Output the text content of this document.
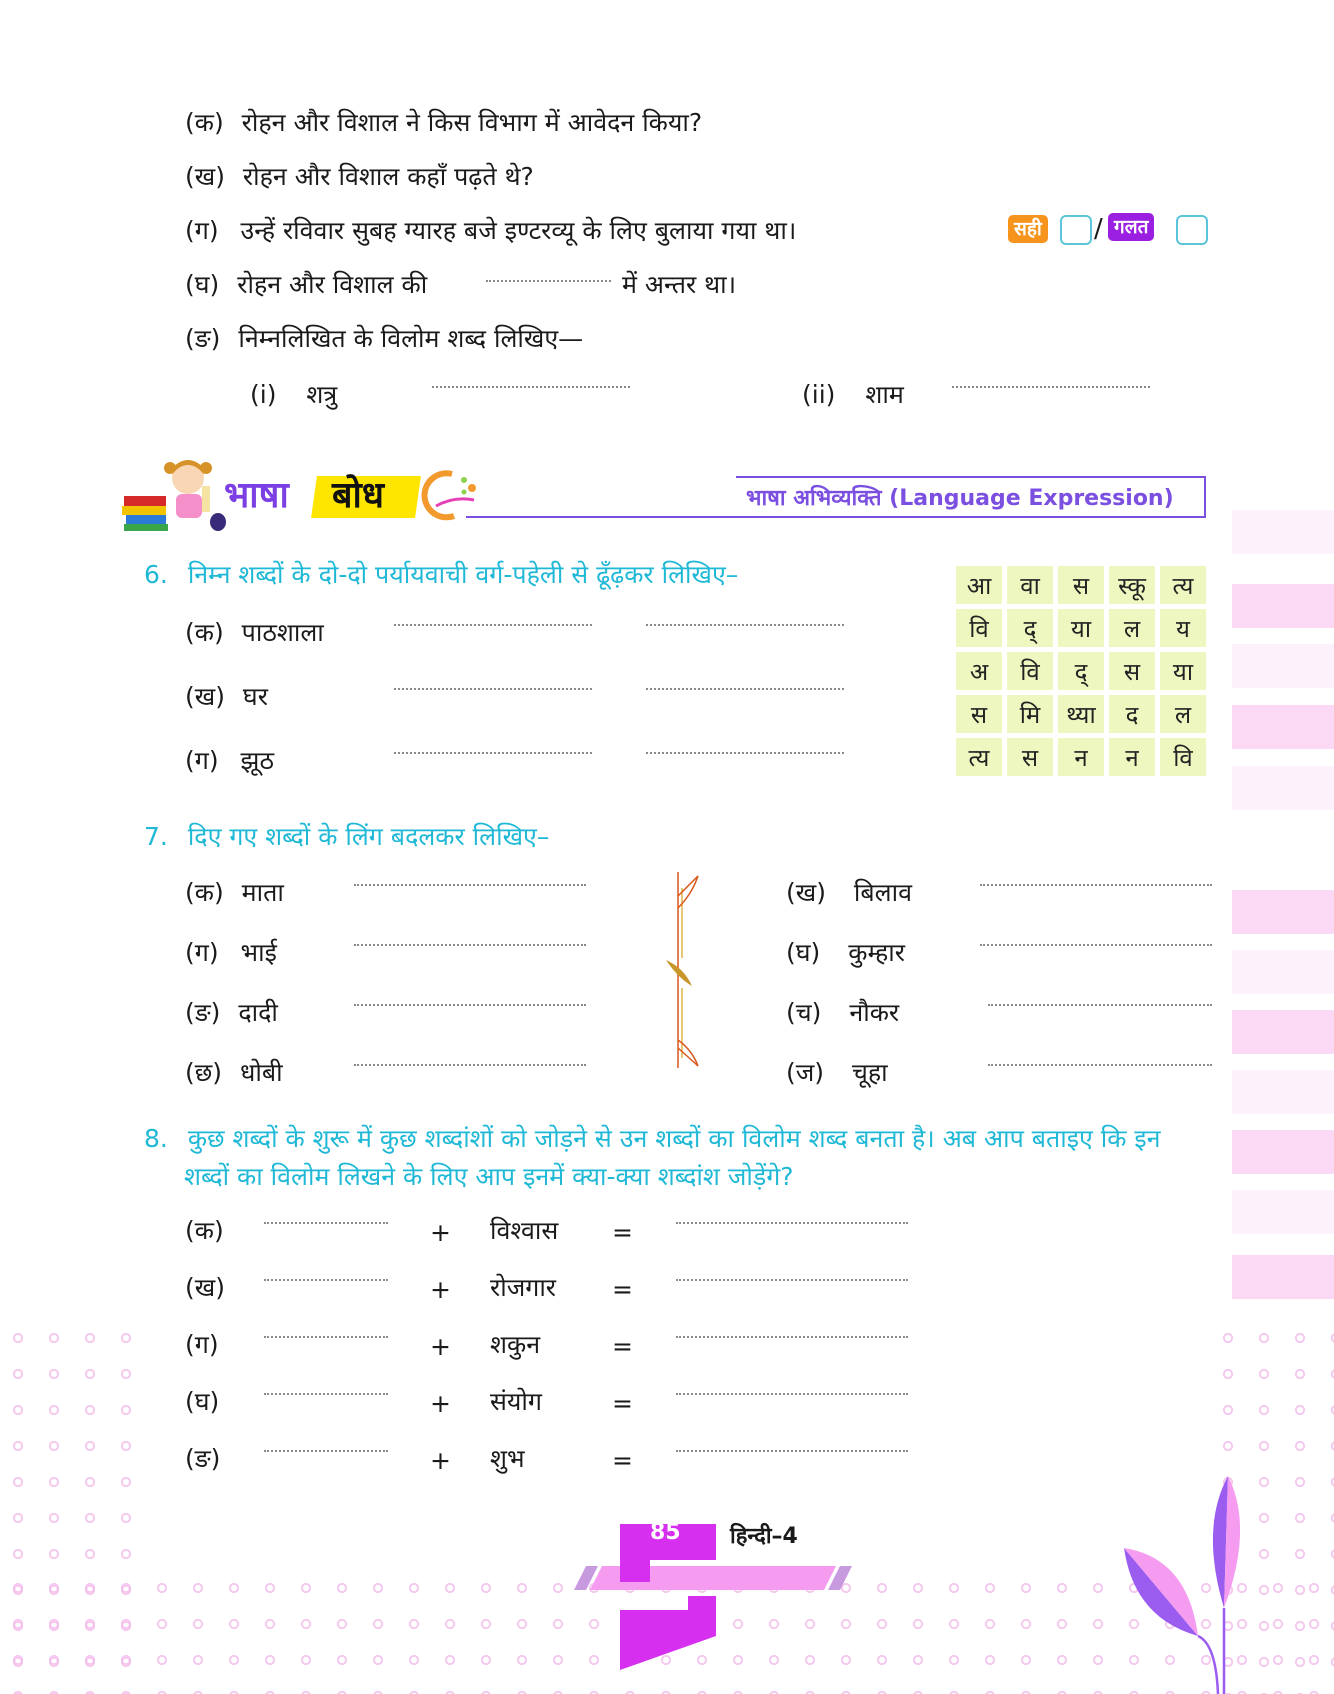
(क) रोहन और विशाल ने किस विभाग में आवेदन किया?
(ख) रोहन और विशाल कहाँ पढ़ते थे?
(ग) उन्हें रविवार सुबह ग्यारह बजे इण्टरव्यू के लिए बुलाया गया था।	सही / गलत
(घ) रोहन और विशाल की	में अन्तर था।
(ङ) निम्नलिखित के विलोम शब्द लिखिए—
(i) शत्रु	(ii) शाम
भाषा बोध	भाषा अभिव्यक्ति (Language Expression)
6. निम्न शब्दों के दो-दो पर्यायवाची वर्ग-पहेली से ढूँढ़कर लिखिए–
(क) पाठशाला
(ख) घर
(ग) झूठ
आ	वा	स	स्कू	त्य
वि	द्	या	ल	य
अ	वि	द्	स	या
स	मि	थ्या	द	ल
त्य	स	न	न	वि
7. दिए गए शब्दों के लिंग बदलकर लिखिए–
(क) माता
(ग) भाई
(ङ) दादी
(छ) धोबी
(ख) बिलाव
(घ) कुम्हार
(च) नौकर
(ज) चूहा
8. कुछ शब्दों के शुरू में कुछ शब्दांशों को जोड़ने से उन शब्दों का विलोम शब्द बनता है। अब आप बताइए कि इन
शब्दों का विलोम लिखने के लिए आप इनमें क्या-क्या शब्दांश जोड़ेंगे?
(क)	+ विश्वास =
(ख)	+ रोजगार =
(ग)	+ शकुन	=
(घ)	+ संयोग	=
(ङ)	+ शुभ	=
85 हिन्दी–4
